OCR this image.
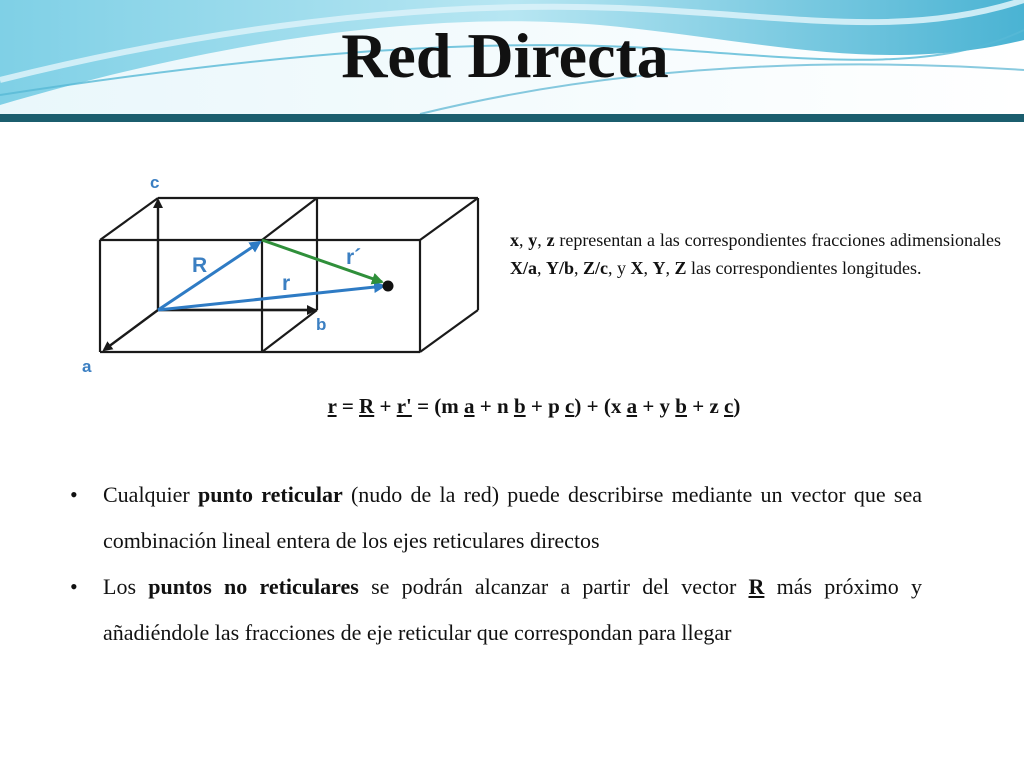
Red Directa
c
a
b
R
r
r´
x, y, z representan a las correspondientes fracciones adimensionales X/a, Y/b, Z/c, y X, Y, Z las correspondientes longitudes.
r = R + r' = (m a + n b + p c) + (x a + y b + z c)
• Cualquier punto reticular (nudo de la red) puede describirse mediante un vector que sea combinación lineal entera de los ejes reticulares directos
• Los puntos no reticulares se podrán alcanzar a partir del vector R más próximo y añadiéndole las fracciones de eje reticular que correspondan para llegar
